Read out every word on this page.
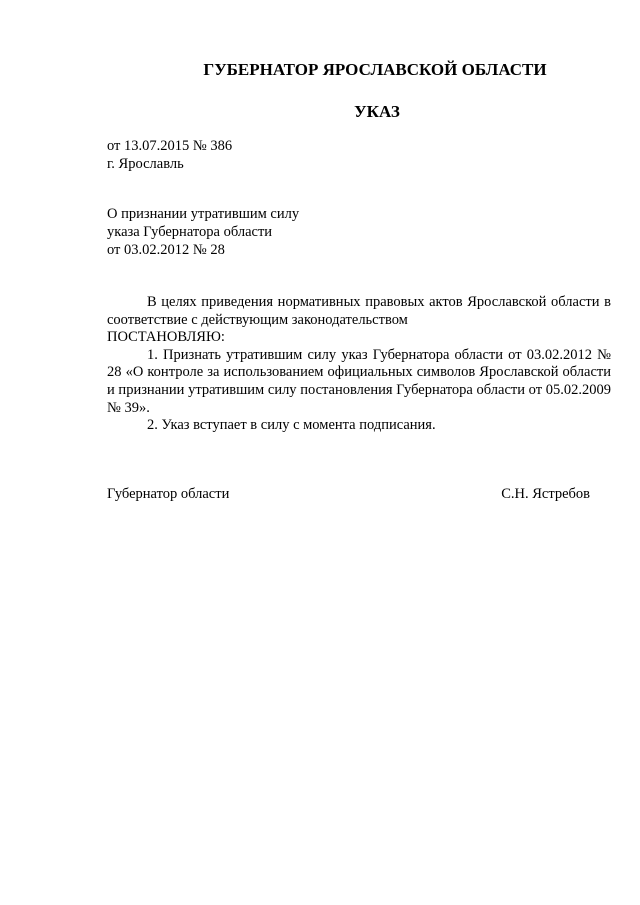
ГУБЕРНАТОР ЯРОСЛАВСКОЙ ОБЛАСТИ
УКАЗ

от 13.07.2015 № 386

г. Ярославль

О признании утратившим силу

указа Губернатора области

от 03.02.2012 № 28

В целях приведения нормативных правовых актов Ярославской области в соответствие с действующим законодательством

ПОСТАНОВЛЯЮ:

1. Признать утратившим силу указ Губернатора области от 03.02.2012 № 28 «О контроле за использованием официальных символов Ярославской области и признании утратившим силу постановления Губернатора области от 05.02.2009 № 39».

2. Указ вступает в силу с момента подписания.

Губернатор области	С.Н. Ястребов
